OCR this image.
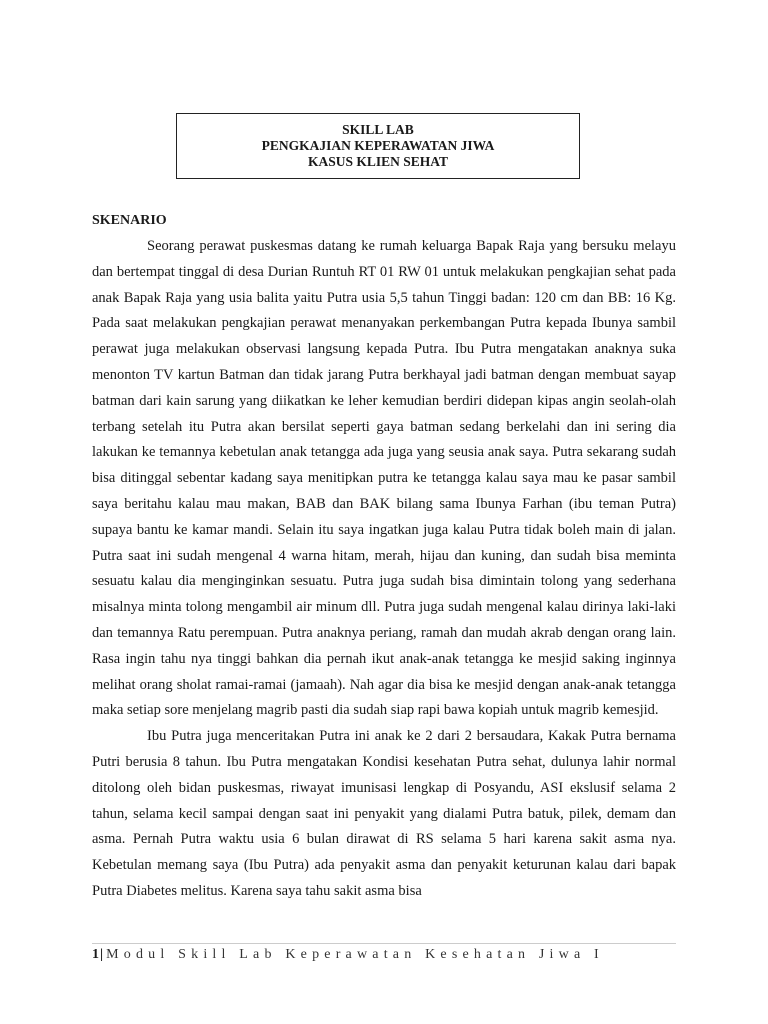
SKILL LAB
PENGKAJIAN KEPERAWATAN JIWA
KASUS KLIEN SEHAT
SKENARIO

Seorang perawat puskesmas datang ke rumah keluarga Bapak Raja yang bersuku melayu dan bertempat tinggal di desa Durian Runtuh RT 01 RW 01 untuk melakukan pengkajian sehat pada anak Bapak Raja yang usia balita yaitu Putra usia 5,5 tahun Tinggi badan: 120 cm dan BB: 16 Kg. Pada saat melakukan pengkajian perawat menanyakan perkembangan Putra kepada Ibunya sambil perawat juga melakukan observasi langsung kepada Putra. Ibu Putra mengatakan anaknya suka menonton TV kartun Batman dan tidak jarang Putra berkhayal jadi batman dengan membuat sayap batman dari kain sarung yang diikatkan ke leher kemudian berdiri didepan kipas angin seolah-olah terbang setelah itu Putra akan bersilat seperti gaya batman sedang berkelahi dan ini sering dia lakukan ke temannya kebetulan anak tetangga ada juga yang seusia anak saya. Putra sekarang sudah bisa ditinggal sebentar kadang saya menitipkan putra ke tetangga kalau saya mau ke pasar sambil saya beritahu kalau mau makan, BAB dan BAK bilang sama Ibunya Farhan (ibu teman Putra) supaya bantu ke kamar mandi. Selain itu saya ingatkan juga kalau Putra tidak boleh main di jalan. Putra saat ini sudah mengenal 4 warna hitam, merah, hijau dan kuning, dan sudah bisa meminta sesuatu kalau dia menginginkan sesuatu. Putra juga sudah bisa dimintain tolong yang sederhana misalnya minta tolong mengambil air minum dll. Putra juga sudah mengenal kalau dirinya laki-laki dan temannya Ratu perempuan. Putra anaknya periang, ramah dan mudah akrab dengan orang lain. Rasa ingin tahu nya tinggi bahkan dia pernah ikut anak-anak tetangga ke mesjid saking inginnya melihat orang sholat ramai-ramai (jamaah). Nah agar dia bisa ke mesjid dengan anak-anak tetangga maka setiap sore menjelang magrib pasti dia sudah siap rapi bawa kopiah untuk magrib kemesjid.

Ibu Putra juga menceritakan Putra ini anak ke 2 dari 2 bersaudara, Kakak Putra bernama Putri berusia 8 tahun. Ibu Putra mengatakan Kondisi kesehatan Putra sehat, dulunya lahir normal ditolong oleh bidan puskesmas, riwayat imunisasi lengkap di Posyandu, ASI ekslusif selama 2 tahun, selama kecil sampai dengan saat ini penyakit yang dialami Putra batuk, pilek, demam dan asma. Pernah Putra waktu usia 6 bulan dirawat di RS selama 5 hari karena sakit asma nya. Kebetulan memang saya (Ibu Putra) ada penyakit asma dan penyakit keturunan kalau dari bapak Putra Diabetes melitus. Karena saya tahu sakit asma bisa

1| Modul Skill Lab Keperawatan Kesehatan Jiwa I
